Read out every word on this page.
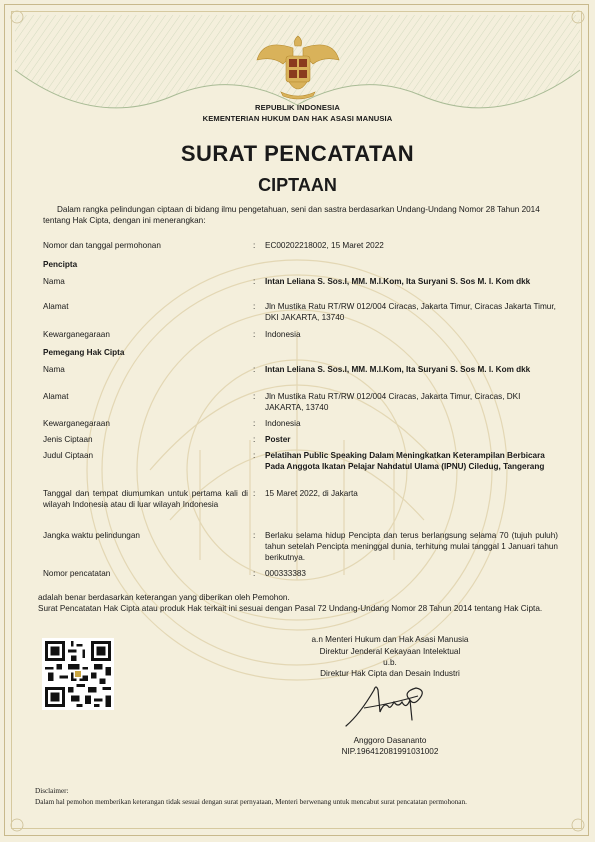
REPUBLIK INDONESIA
KEMENTERIAN HUKUM DAN HAK ASASI MANUSIA
SURAT PENCATATAN
CIPTAAN
Dalam rangka pelindungan ciptaan di bidang ilmu pengetahuan, seni dan sastra berdasarkan Undang-Undang Nomor 28 Tahun 2014 tentang Hak Cipta, dengan ini menerangkan:
Nomor dan tanggal permohonan	: EC00202218002, 15 Maret 2022
Pencipta
Nama	: Intan Leliana S. Sos.I, MM. M.I.Kom, Ita Suryani S. Sos M. I. Kom dkk
Alamat	: Jln Mustika Ratu RT/RW 012/004 Ciracas, Jakarta Timur, Ciracas Jakarta Timur, DKI JAKARTA, 13740
Kewarganegaraan	: Indonesia
Pemegang Hak Cipta
Nama	: Intan Leliana S. Sos.I, MM. M.I.Kom, Ita Suryani S. Sos M. I. Kom dkk
Alamat	: Jln Mustika Ratu RT/RW 012/004 Ciracas, Jakarta Timur, Ciracas, DKI JAKARTA, 13740
Kewarganegaraan	: Indonesia
Jenis Ciptaan	: Poster
Judul Ciptaan	: Pelatihan Public Speaking Dalam Meningkatkan Keterampilan Berbicara Pada Anggota Ikatan Pelajar Nahdatul Ulama (IPNU) Ciledug, Tangerang
Tanggal dan tempat diumumkan untuk pertama kali di wilayah Indonesia atau di luar wilayah Indonesia
: 15 Maret 2022, di Jakarta
Jangka waktu pelindungan	: Berlaku selama hidup Pencipta dan terus berlangsung selama 70 (tujuh puluh) tahun setelah Pencipta meninggal dunia, terhitung mulai tanggal 1 Januari tahun berikutnya.
Nomor pencatatan	: 000333383
adalah benar berdasarkan keterangan yang diberikan oleh Pemohon.
Surat Pencatatan Hak Cipta atau produk Hak terkait ini sesuai dengan Pasal 72 Undang-Undang Nomor 28 Tahun 2014 tentang Hak Cipta.
a.n Menteri Hukum dan Hak Asasi Manusia
Direktur Jenderal Kekayaan Intelektual
u.b.
Direktur Hak Cipta dan Desain Industri
Anggoro Dasananto
NIP.196412081991031002
Disclaimer:
Dalam hal pemohon memberikan keterangan tidak sesuai dengan surat pernyataan, Menteri berwenang untuk mencabut surat pencatatan permohonan.
